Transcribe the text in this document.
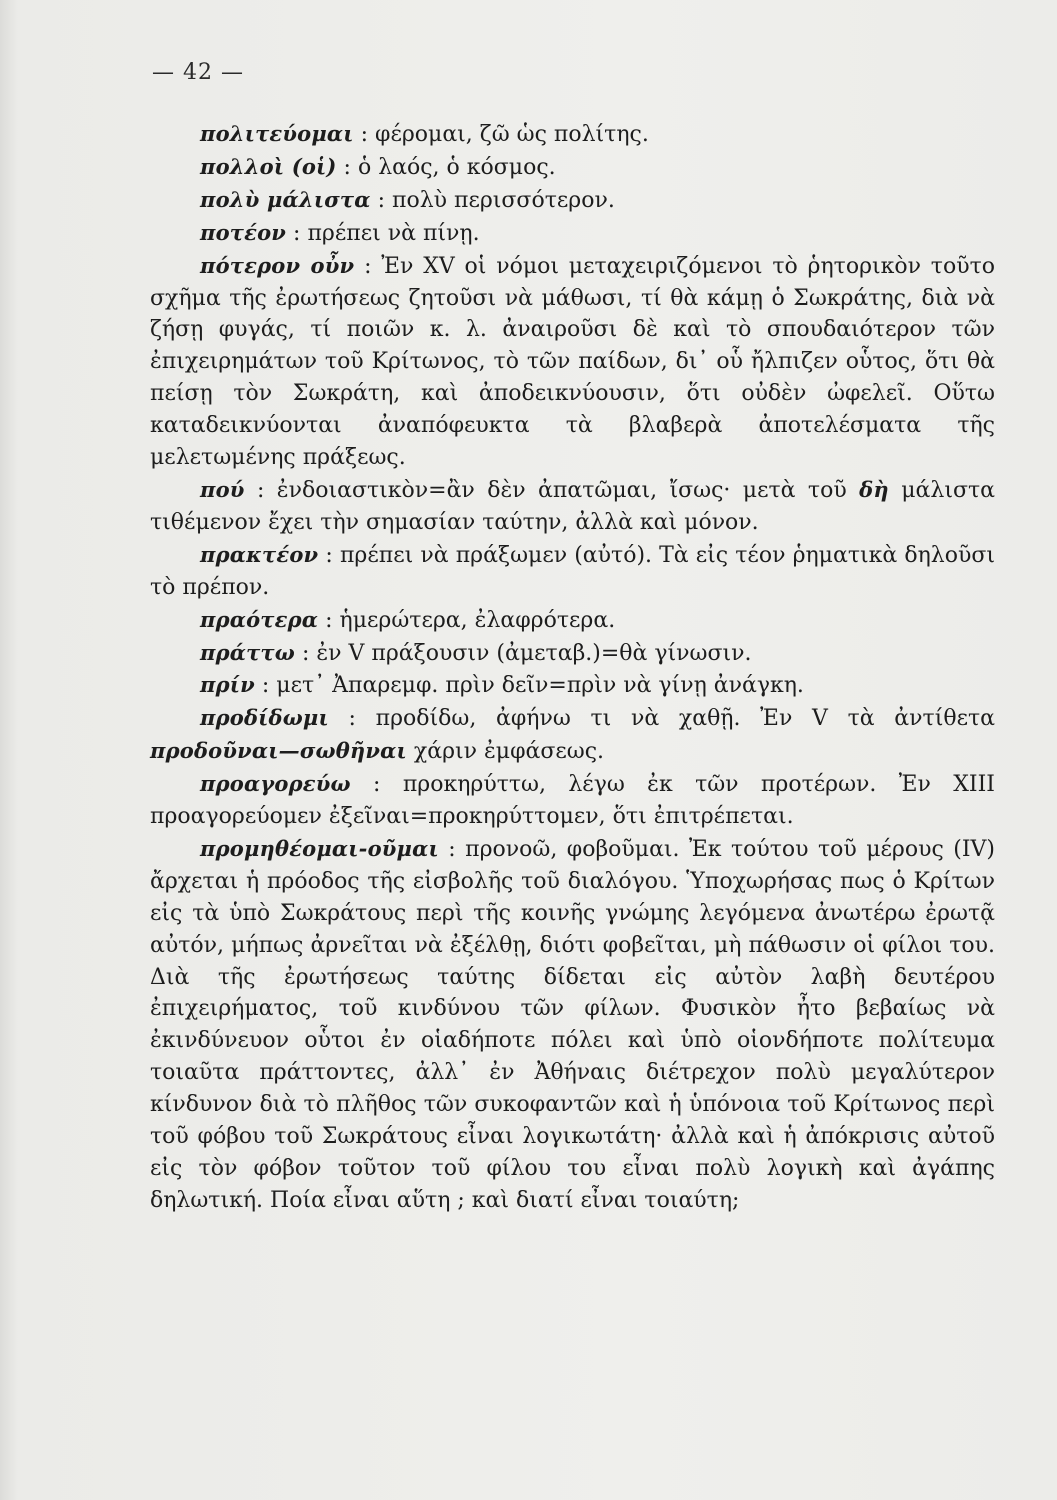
— 42 —

πολιτεύομαι : φέρομαι, ζῶ ὡς πολίτης.

πολλοὶ (οἱ) : ὁ λαός, ὁ κόσμος.

πολὺ μάλιστα : πολὺ περισσότερον.

ποτέον : πρέπει νὰ πίνῃ.

πότερον οὖν : Ἐν XV οἱ νόμοι μεταχειριζόμενοι τὸ ῥητορικὸν τοῦτο σχῆμα τῆς ἐρωτήσεως ζητοῦσι νὰ μάθωσι, τί θὰ κάμῃ ὁ Σωκράτης, διὰ νὰ ζήσῃ φυγάς, τί ποιῶν κ. λ. ἀναιροῦσι δὲ καὶ τὸ σπουδαιότερον τῶν ἐπιχειρημάτων τοῦ Κρίτωνος, τὸ τῶν παίδων, δι᾽ οὗ ἤλπιζεν οὗτος, ὅτι θὰ πείσῃ τὸν Σωκράτη, καὶ ἀποδεικνύουσιν, ὅτι οὐδὲν ὠφελεῖ. Οὕτω καταδεικνύονται ἀναπόφευκτα τὰ βλαβερὰ ἀποτελέσματα τῆς μελετωμένης πράξεως.

πού : ἐνδοιαστικὸν=ἂν δὲν ἀπατῶμαι, ἴσως· μετὰ τοῦ δὴ μάλιστα τιθέμενον ἔχει τὴν σημασίαν ταύτην, ἀλλὰ καὶ μόνον.

πρακτέον : πρέπει νὰ πράξωμεν (αὐτό). Τὰ εἰς τέον ῥηματικὰ δηλοῦσι τὸ πρέπον.

πραότερα : ἡμερώτερα, ἐλαφρότερα.

πράττω : ἐν V πράξουσιν (ἀμεταβ.)=θὰ γίνωσιν.

πρίν : μετ᾽ Ἀπαρεμφ. πρὶν δεῖν=πρὶν νὰ γίνῃ ἀνάγκη.

προδίδωμι : προδίδω, ἀφήνω τι νὰ χαθῇ. Ἐν V τὰ ἀντίθετα προδοῦναι—σωθῆναι χάριν ἐμφάσεως.

προαγορεύω : προκηρύττω, λέγω ἐκ τῶν προτέρων. Ἐν XIII προαγορεύομεν ἐξεῖναι=προκηρύττομεν, ὅτι ἐπιτρέπεται.

προμηθέομαι-οῦμαι : προνοῶ, φοβοῦμαι. Ἐκ τούτου τοῦ μέρους (IV) ἄρχεται ἡ πρόοδος τῆς εἰσβολῆς τοῦ διαλόγου. Ὑποχωρήσας πως ὁ Κρίτων εἰς τὰ ὑπὸ Σωκράτους περὶ τῆς κοινῆς γνώμης λεγόμενα ἀνωτέρω ἐρωτᾷ αὐτόν, μήπως ἀρνεῖται νὰ ἐξέλθῃ, διότι φοβεῖται, μὴ πάθωσιν οἱ φίλοι του. Διὰ τῆς ἐρωτήσεως ταύτης δίδεται εἰς αὐτὸν λαβὴ δευτέρου ἐπιχειρήματος, τοῦ κινδύνου τῶν φίλων. Φυσικὸν ἦτο βεβαίως νὰ ἐκινδύνευον οὗτοι ἐν οἱαδήποτε πόλει καὶ ὑπὸ οἱονδήποτε πολίτευμα τοιαῦτα πράττοντες, ἀλλ᾽ ἐν Ἀθήναις διέτρεχον πολὺ μεγαλύτερον κίνδυνον διὰ τὸ πλῆθος τῶν συκοφαντῶν καὶ ἡ ὑπόνοια τοῦ Κρίτωνος περὶ τοῦ φόβου τοῦ Σωκράτους εἶναι λογικωτάτη· ἀλλὰ καὶ ἡ ἀπόκρισις αὐτοῦ εἰς τὸν φόβον τοῦτον τοῦ φίλου του εἶναι πολὺ λογικὴ καὶ ἀγάπης δηλωτική. Ποία εἶναι αὕτη ; καὶ διατί εἶναι τοιαύτη;
